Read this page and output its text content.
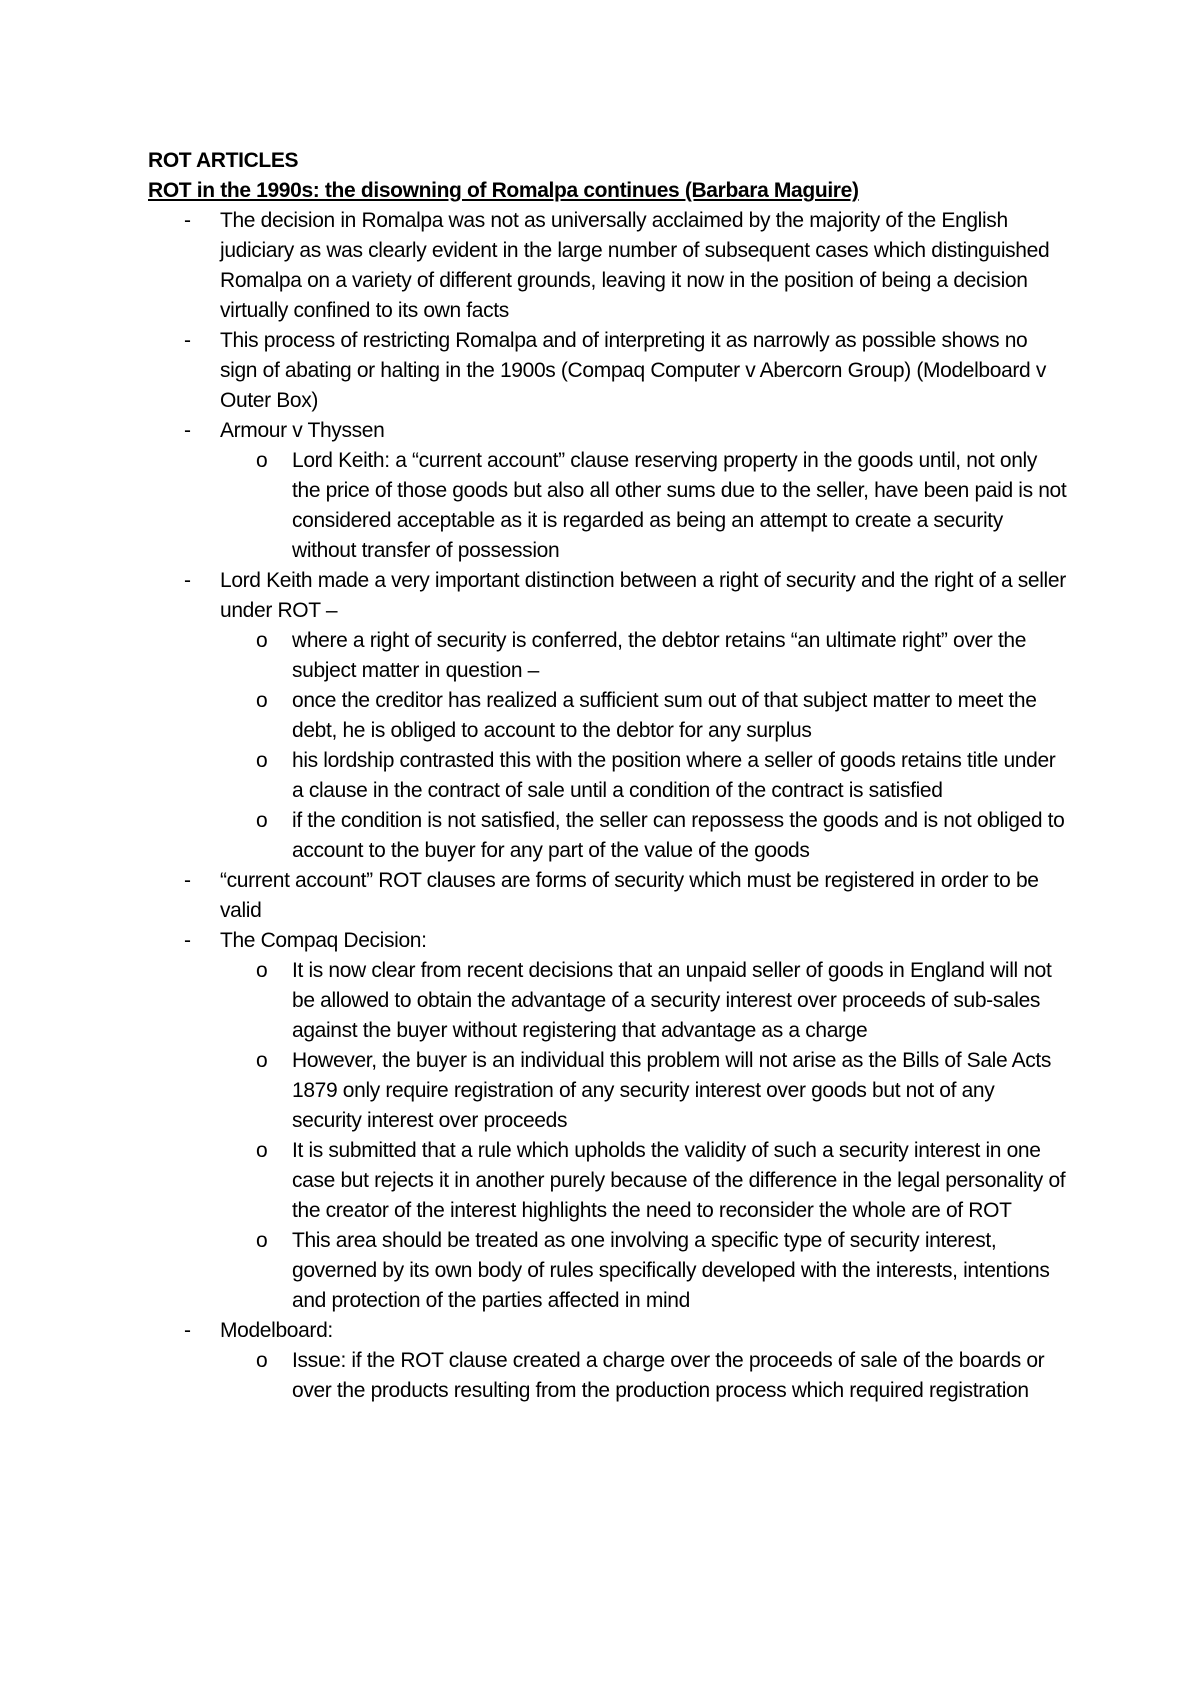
ROT ARTICLES

ROT in the 1990s: the disowning of Romalpa continues (Barbara Maguire)

- The decision in Romalpa was not as universally acclaimed by the majority of the English judiciary as was clearly evident in the large number of subsequent cases which distinguished Romalpa on a variety of different grounds, leaving it now in the position of being a decision virtually confined to its own facts
- This process of restricting Romalpa and of interpreting it as narrowly as possible shows no sign of abating or halting in the 1900s (Compaq Computer v Abercorn Group) (Modelboard v Outer Box)
- Armour v Thyssen
o Lord Keith: a “current account” clause reserving property in the goods until, not only the price of those goods but also all other sums due to the seller, have been paid is not considered acceptable as it is regarded as being an attempt to create a security without transfer of possession
- Lord Keith made a very important distinction between a right of security and the right of a seller under ROT –
o where a right of security is conferred, the debtor retains “an ultimate right” over the subject matter in question –
o once the creditor has realized a sufficient sum out of that subject matter to meet the debt, he is obliged to account to the debtor for any surplus
o his lordship contrasted this with the position where a seller of goods retains title under a clause in the contract of sale until a condition of the contract is satisfied
o if the condition is not satisfied, the seller can repossess the goods and is not obliged to account to the buyer for any part of the value of the goods
- “current account” ROT clauses are forms of security which must be registered in order to be valid
- The Compaq Decision:
o It is now clear from recent decisions that an unpaid seller of goods in England will not be allowed to obtain the advantage of a security interest over proceeds of sub-sales against the buyer without registering that advantage as a charge
o However, the buyer is an individual this problem will not arise as the Bills of Sale Acts 1879 only require registration of any security interest over goods but not of any security interest over proceeds
o It is submitted that a rule which upholds the validity of such a security interest in one case but rejects it in another purely because of the difference in the legal personality of the creator of the interest highlights the need to reconsider the whole are of ROT
o This area should be treated as one involving a specific type of security interest, governed by its own body of rules specifically developed with the interests, intentions and protection of the parties affected in mind
- Modelboard:
o Issue: if the ROT clause created a charge over the proceeds of sale of the boards or over the products resulting from the production process which required registration
